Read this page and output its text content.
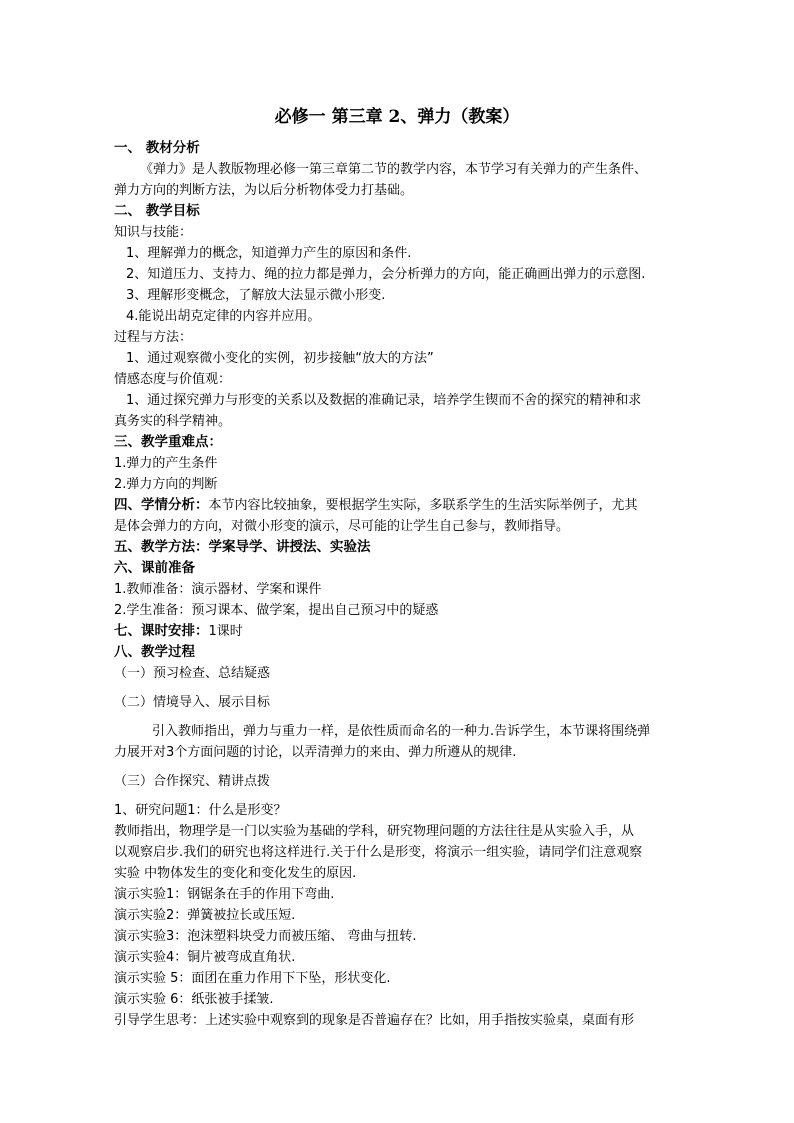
必修一 第三章 2、弹力（教案）
一、 教材分析
《弹力》是人教版物理必修一第三章第二节的教学内容，本节学习有关弹力的产生条件、
弹力方向的判断方法，为以后分析物体受力打基础。
二、 教学目标
知识与技能：
1、理解弹力的概念，知道弹力产生的原因和条件.
2、知道压力、支持力、绳的拉力都是弹力，会分析弹力的方向，能正确画出弹力的示意图.
3、理解形变概念，了解放大法显示微小形变.
4.能说出胡克定律的内容并应用。
过程与方法：
1、通过观察微小变化的实例，初步接触“放大的方法”
情感态度与价值观：
1、通过探究弹力与形变的关系以及数据的准确记录，培养学生锲而不舍的探究的精神和求
真务实的科学精神。
三、教学重难点：
1.弹力的产生条件
2.弹力方向的判断
四、学情分析：本节内容比较抽象，要根据学生实际，多联系学生的生活实际举例子，尤其
是体会弹力的方向，对微小形变的演示，尽可能的让学生自己参与，教师指导。
五、教学方法：学案导学、讲授法、实验法
六、课前准备
1.教师准备：演示器材、学案和课件
2.学生准备：预习课本、做学案，提出自己预习中的疑惑
七、课时安排：1课时
八、教学过程
（一）预习检查、总结疑惑
（二）情境导入、展示目标
引入教师指出，弹力与重力一样，是依性质而命名的一种力.告诉学生，本节课将围绕弹
力展开对3个方面问题的讨论，以弄清弹力的来由、弹力所遵从的规律.
（三）合作探究、精讲点拨
1、研究问题1：什么是形变？
教师指出，物理学是一门以实验为基础的学科，研究物理问题的方法往往是从实验入手，从
以观察启步.我们的研究也将这样进行.关于什么是形变，将演示一组实验，请同学们注意观察
实验 中物体发生的变化和变化发生的原因.
演示实验1：钢锯条在手的作用下弯曲.
演示实验2：弹簧被拉长或压短.
演示实验3：泡沫塑料块受力而被压缩、 弯曲与扭转.
演示实验4：铜片被弯成直角状.
演示实验 5：面团在重力作用下下坠，形状变化.
演示实验 6：纸张被手揉皱.
引导学生思考：上述实验中观察到的现象是否普遍存在？比如，用手指按实验桌，桌面有形
